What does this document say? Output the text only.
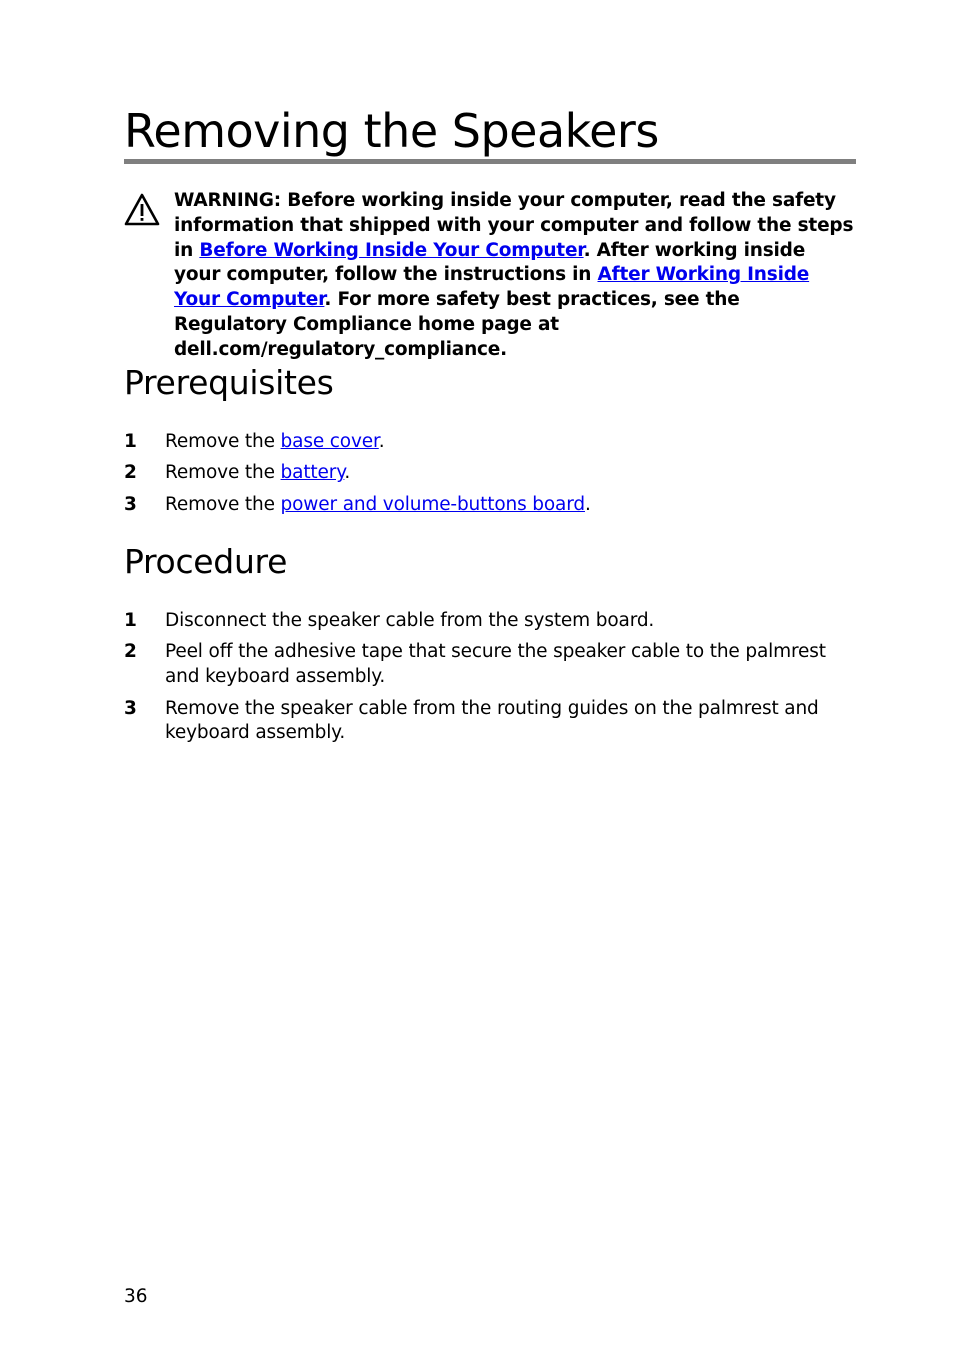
Removing the Speakers
WARNING: Before working inside your computer, read the safety information that shipped with your computer and follow the steps in Before Working Inside Your Computer. After working inside your computer, follow the instructions in After Working Inside Your Computer. For more safety best practices, see the Regulatory Compliance home page at dell.com/regulatory_compliance.
Prerequisites
1	Remove the base cover.
2	Remove the battery.
3	Remove the power and volume-buttons board.
Procedure
1	Disconnect the speaker cable from the system board.
2	Peel off the adhesive tape that secure the speaker cable to the palmrest and keyboard assembly.
3	Remove the speaker cable from the routing guides on the palmrest and keyboard assembly.
36
